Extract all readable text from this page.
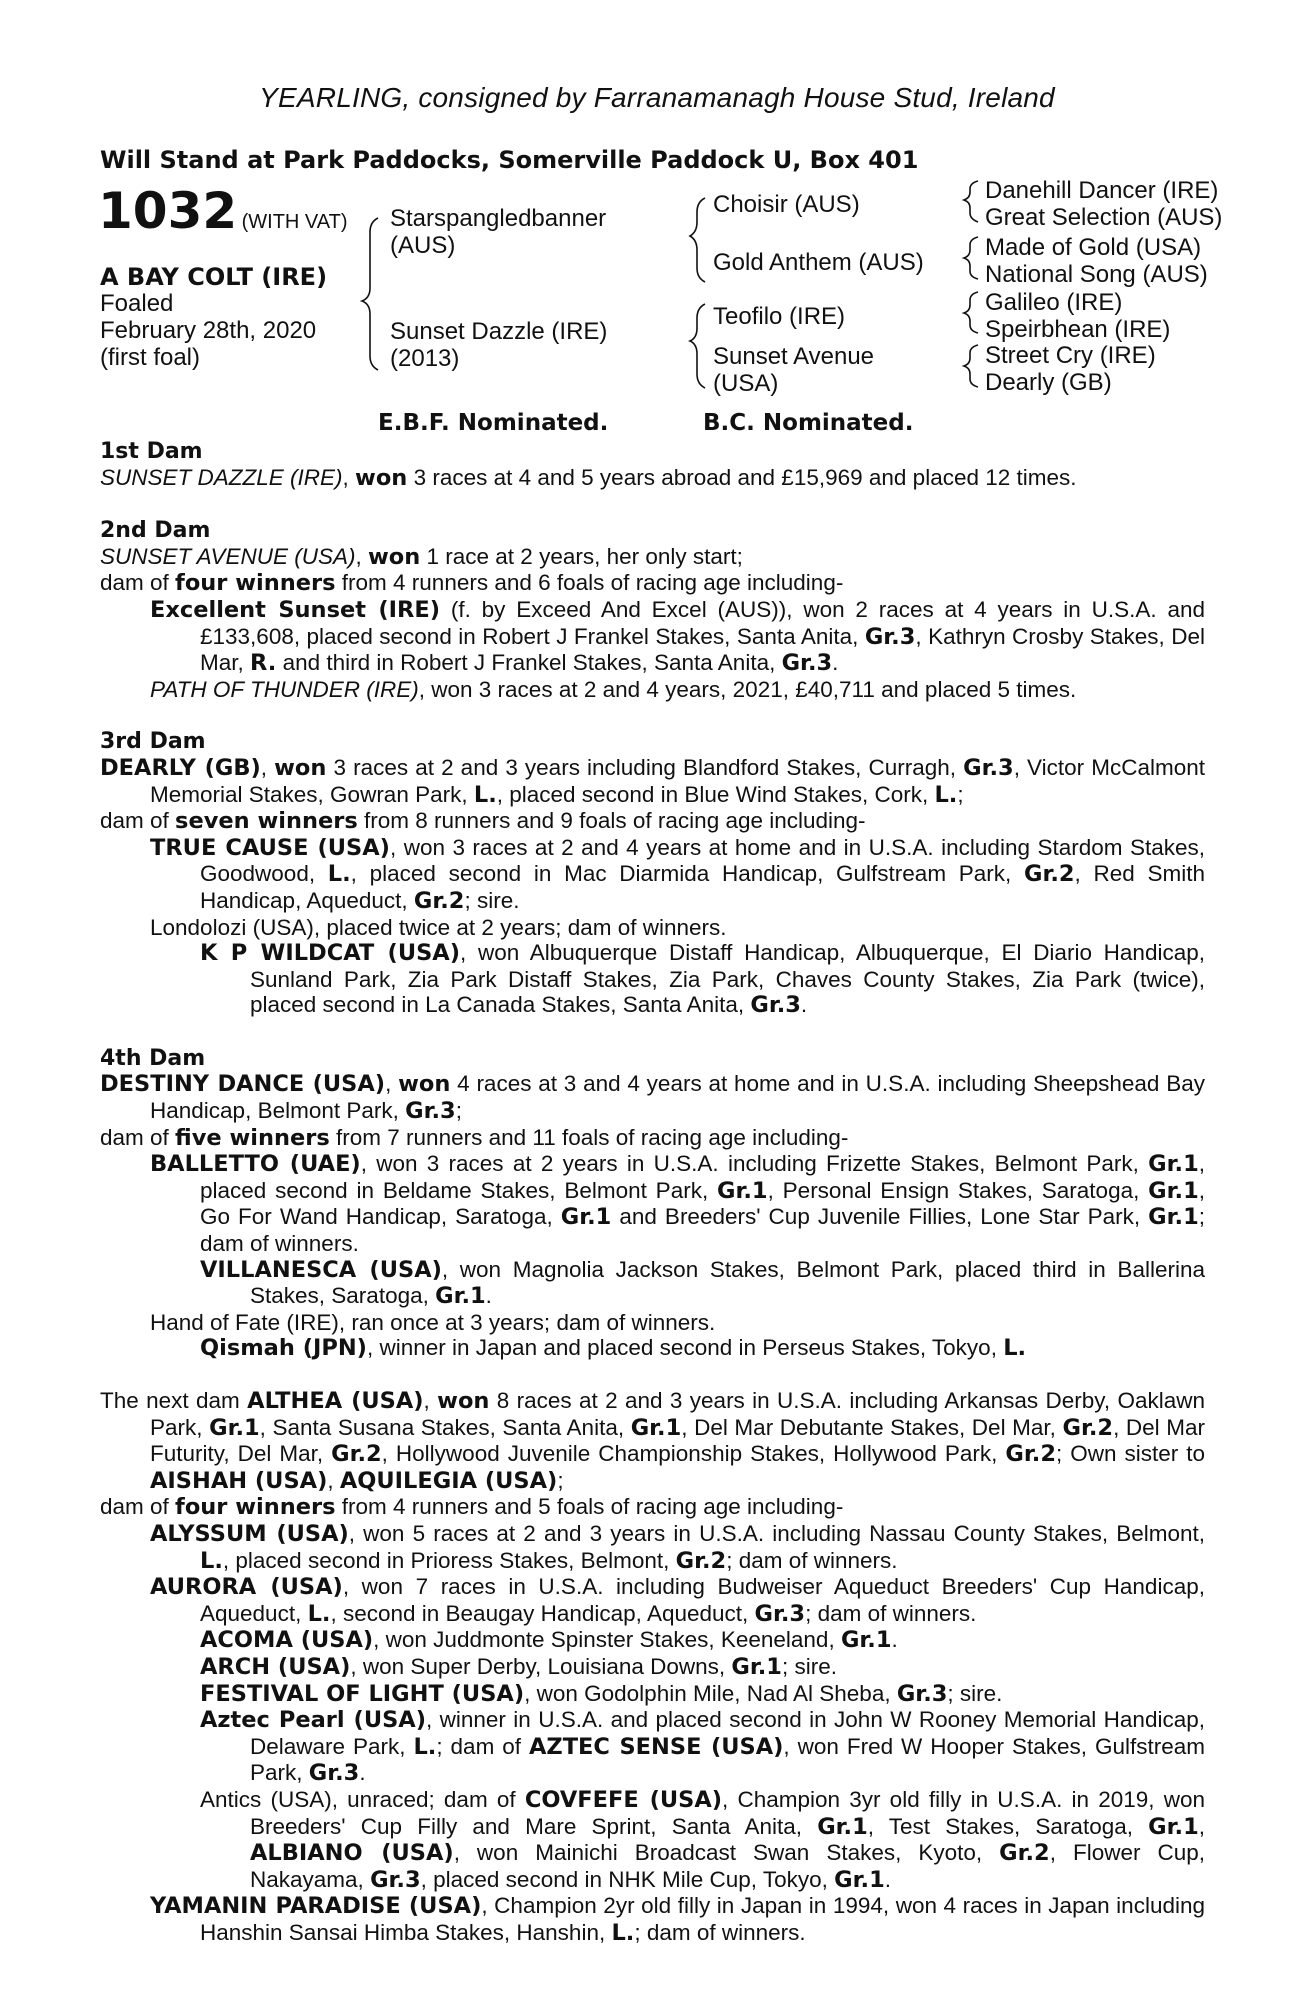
YEARLING, consigned by Farranamanagh House Stud, Ireland
Will Stand at Park Paddocks, Somerville Paddock U, Box 401
1032 (WITH VAT)
A BAY COLT (IRE)
Foaled
February 28th, 2020
(first foal)
Starspangledbanner
(AUS)
Sunset Dazzle (IRE)
(2013)
Choisir (AUS)
Gold Anthem (AUS)
Teofilo (IRE)
Sunset Avenue
(USA)
Danehill Dancer (IRE)
Great Selection (AUS)
Made of Gold (USA)
National Song (AUS)
Galileo (IRE)
Speirbhean (IRE)
Street Cry (IRE)
Dearly (GB)
E.B.F. Nominated.	B.C. Nominated.

1st Dam

SUNSET DAZZLE (IRE), won 3 races at 4 and 5 years abroad and £15,969 and placed 12 times.

2nd Dam

SUNSET AVENUE (USA), won 1 race at 2 years, her only start;

dam of four winners from 4 runners and 6 foals of racing age including-

Excellent Sunset (IRE) (f. by Exceed And Excel (AUS)), won 2 races at 4 years in U.S.A. and £133,608, placed second in Robert J Frankel Stakes, Santa Anita, Gr.3, Kathryn Crosby Stakes, Del Mar, R. and third in Robert J Frankel Stakes, Santa Anita, Gr.3.

PATH OF THUNDER (IRE), won 3 races at 2 and 4 years, 2021, £40,711 and placed 5 times.

3rd Dam

DEARLY (GB), won 3 races at 2 and 3 years including Blandford Stakes, Curragh, Gr.3, Victor McCalmont Memorial Stakes, Gowran Park, L., placed second in Blue Wind Stakes, Cork, L.;

dam of seven winners from 8 runners and 9 foals of racing age including-

TRUE CAUSE (USA), won 3 races at 2 and 4 years at home and in U.S.A. including Stardom Stakes, Goodwood, L., placed second in Mac Diarmida Handicap, Gulfstream Park, Gr.2, Red Smith Handicap, Aqueduct, Gr.2; sire.

Londolozi (USA), placed twice at 2 years; dam of winners.

K P WILDCAT (USA), won Albuquerque Distaff Handicap, Albuquerque, El Diario Handicap, Sunland Park, Zia Park Distaff Stakes, Zia Park, Chaves County Stakes, Zia Park (twice), placed second in La Canada Stakes, Santa Anita, Gr.3.

4th Dam

DESTINY DANCE (USA), won 4 races at 3 and 4 years at home and in U.S.A. including Sheepshead Bay Handicap, Belmont Park, Gr.3;

dam of five winners from 7 runners and 11 foals of racing age including-

BALLETTO (UAE), won 3 races at 2 years in U.S.A. including Frizette Stakes, Belmont Park, Gr.1, placed second in Beldame Stakes, Belmont Park, Gr.1, Personal Ensign Stakes, Saratoga, Gr.1, Go For Wand Handicap, Saratoga, Gr.1 and Breeders' Cup Juvenile Fillies, Lone Star Park, Gr.1; dam of winners.

VILLANESCA (USA), won Magnolia Jackson Stakes, Belmont Park, placed third in Ballerina Stakes, Saratoga, Gr.1.

Hand of Fate (IRE), ran once at 3 years; dam of winners.

Qismah (JPN), winner in Japan and placed second in Perseus Stakes, Tokyo, L.

The next dam ALTHEA (USA), won 8 races at 2 and 3 years in U.S.A. including Arkansas Derby, Oaklawn Park, Gr.1, Santa Susana Stakes, Santa Anita, Gr.1, Del Mar Debutante Stakes, Del Mar, Gr.2, Del Mar Futurity, Del Mar, Gr.2, Hollywood Juvenile Championship Stakes, Hollywood Park, Gr.2; Own sister to AISHAH (USA), AQUILEGIA (USA);

dam of four winners from 4 runners and 5 foals of racing age including-

ALYSSUM (USA), won 5 races at 2 and 3 years in U.S.A. including Nassau County Stakes, Belmont, L., placed second in Prioress Stakes, Belmont, Gr.2; dam of winners.

AURORA (USA), won 7 races in U.S.A. including Budweiser Aqueduct Breeders' Cup Handicap, Aqueduct, L., second in Beaugay Handicap, Aqueduct, Gr.3; dam of winners.

ACOMA (USA), won Juddmonte Spinster Stakes, Keeneland, Gr.1.

ARCH (USA), won Super Derby, Louisiana Downs, Gr.1; sire.

FESTIVAL OF LIGHT (USA), won Godolphin Mile, Nad Al Sheba, Gr.3; sire.

Aztec Pearl (USA), winner in U.S.A. and placed second in John W Rooney Memorial Handicap, Delaware Park, L.; dam of AZTEC SENSE (USA), won Fred W Hooper Stakes, Gulfstream Park, Gr.3.

Antics (USA), unraced; dam of COVFEFE (USA), Champion 3yr old filly in U.S.A. in 2019, won Breeders' Cup Filly and Mare Sprint, Santa Anita, Gr.1, Test Stakes, Saratoga, Gr.1, ALBIANO (USA), won Mainichi Broadcast Swan Stakes, Kyoto, Gr.2, Flower Cup, Nakayama, Gr.3, placed second in NHK Mile Cup, Tokyo, Gr.1.

YAMANIN PARADISE (USA), Champion 2yr old filly in Japan in 1994, won 4 races in Japan including Hanshin Sansai Himba Stakes, Hanshin, L.; dam of winners.
